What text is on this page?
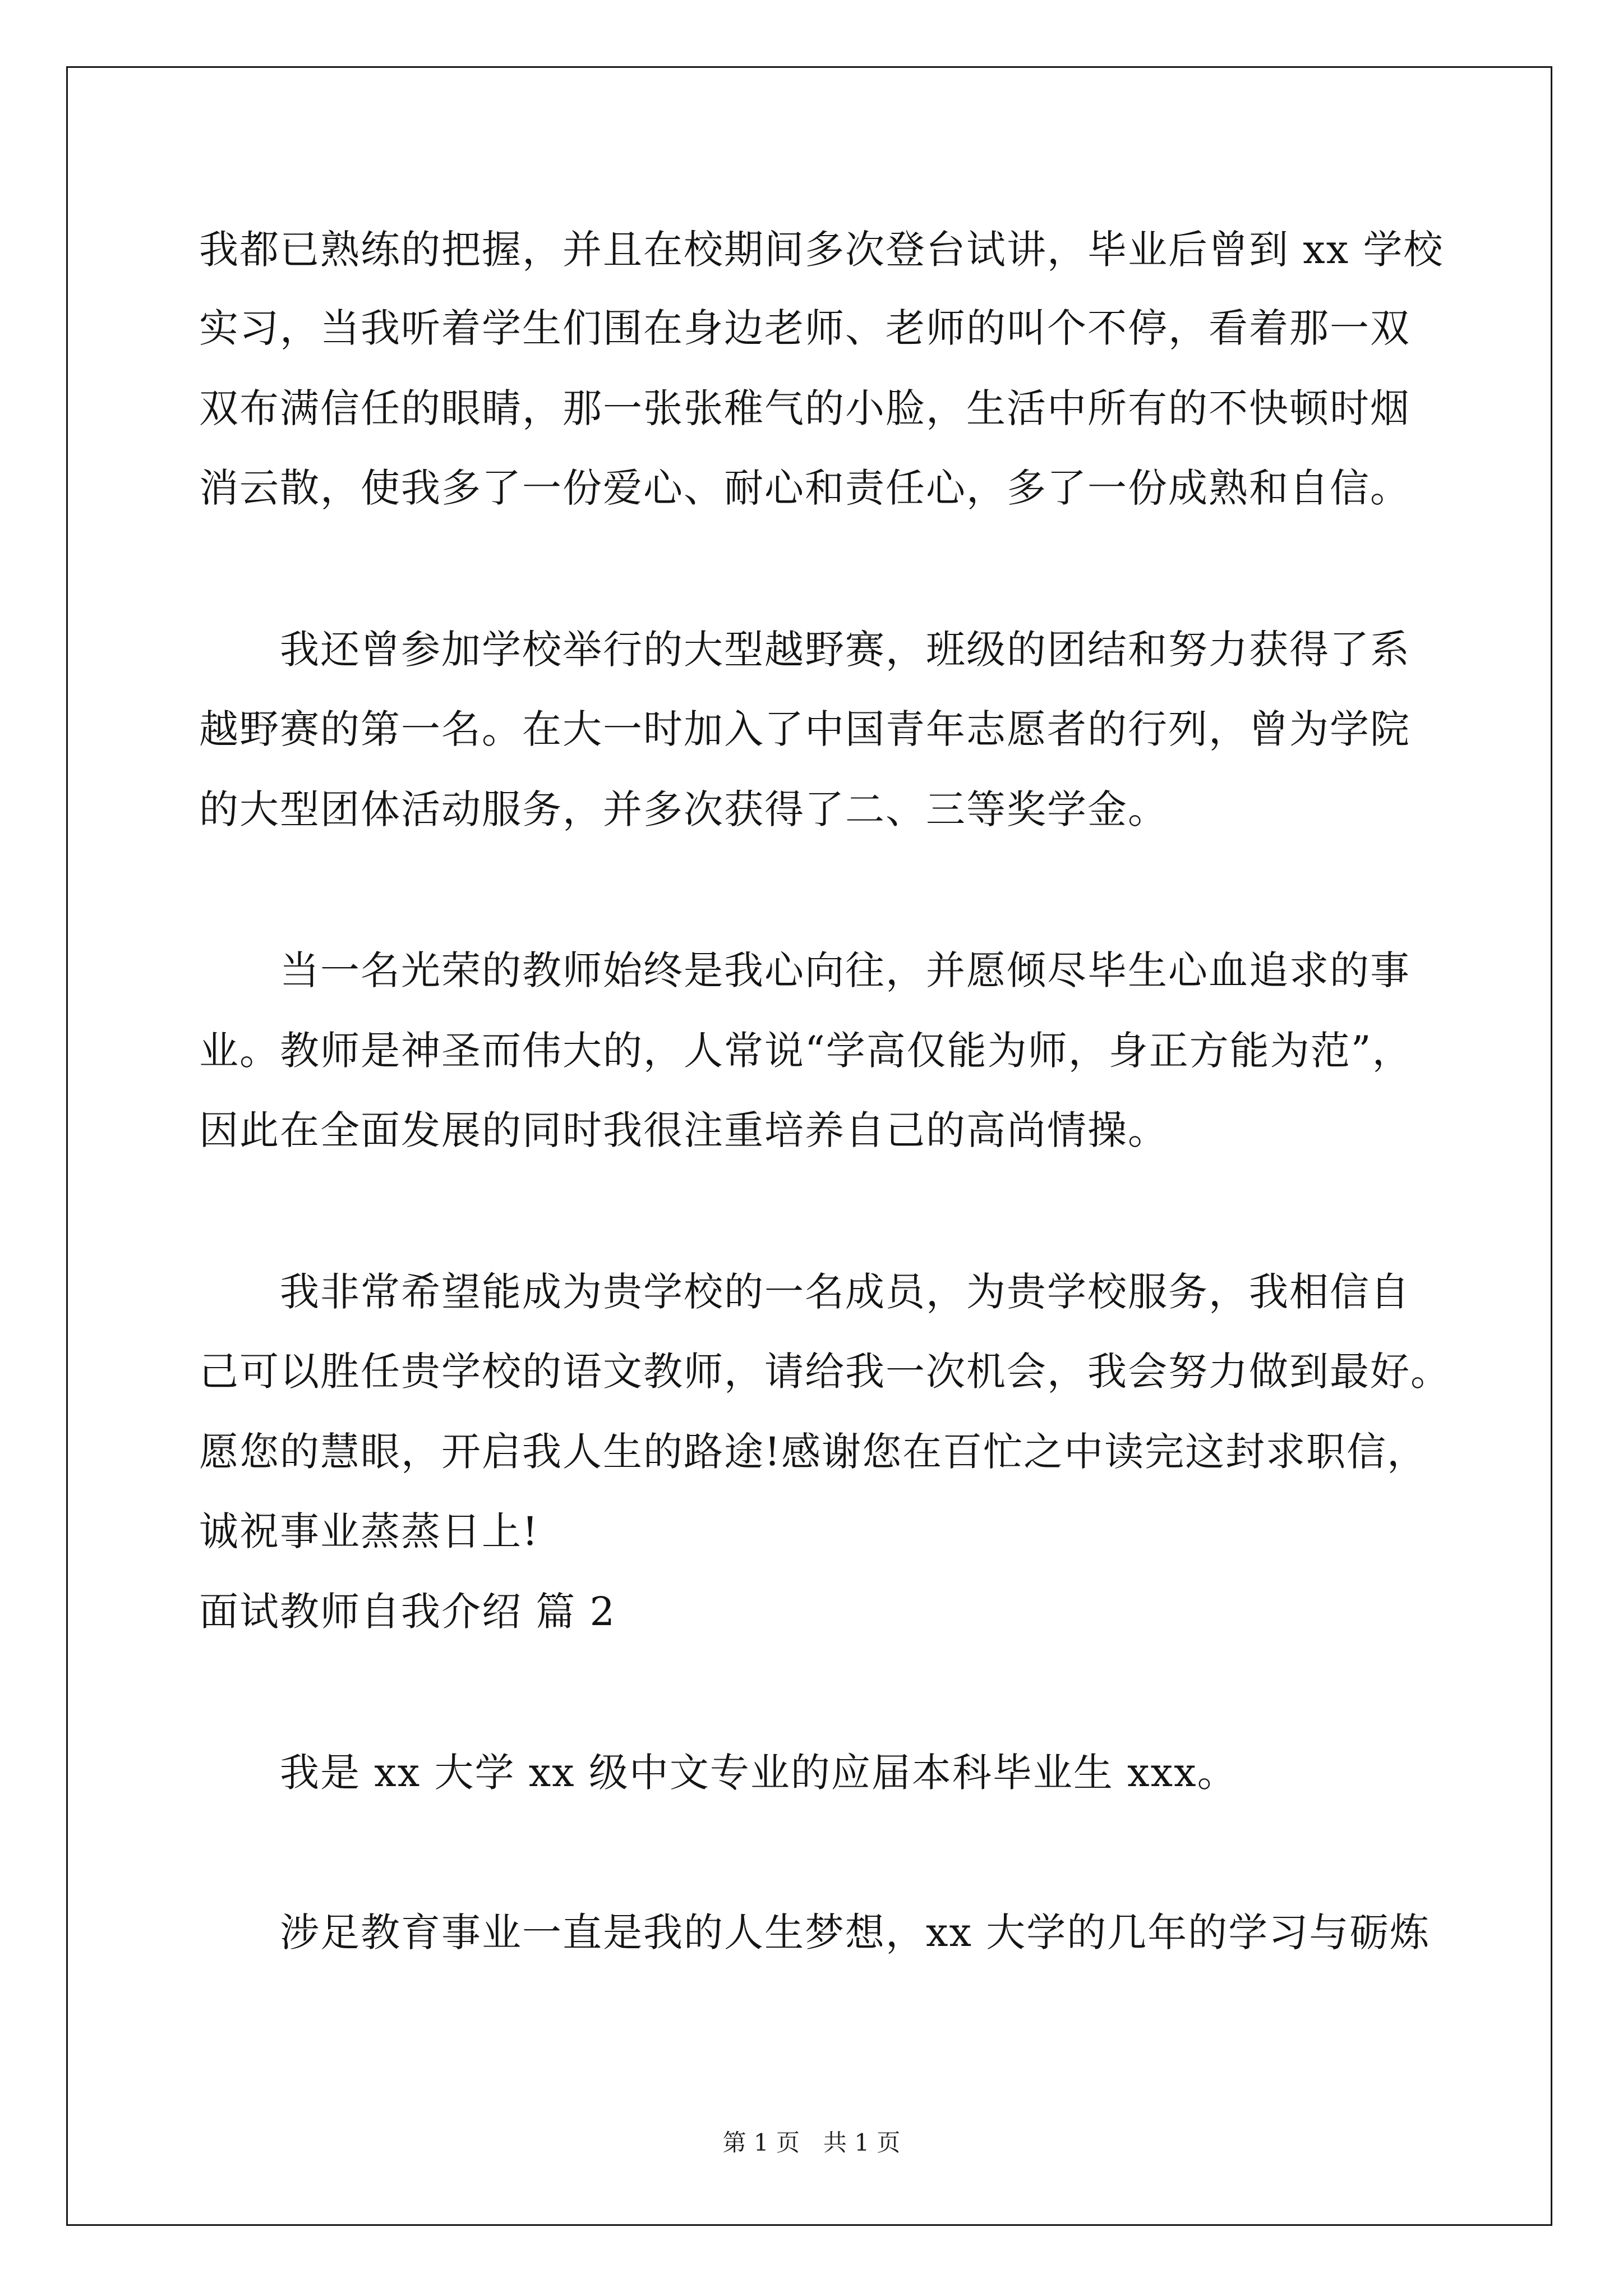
我都已熟练的把握，并且在校期间多次登台试讲，毕业后曾到 xx 学校
实习，当我听着学生们围在身边老师、老师的叫个不停，看着那一双
双布满信任的眼睛，那一张张稚气的小脸，生活中所有的不快顿时烟
消云散，使我多了一份爱心、耐心和责任心，多了一份成熟和自信。
　　我还曾参加学校举行的大型越野赛，班级的团结和努力获得了系
越野赛的第一名。在大一时加入了中国青年志愿者的行列，曾为学院
的大型团体活动服务，并多次获得了二、三等奖学金。
　　当一名光荣的教师始终是我心向往，并愿倾尽毕生心血追求的事
业。教师是神圣而伟大的，人常说“学高仅能为师，身正方能为范”，
因此在全面发展的同时我很注重培养自己的高尚情操。
　　我非常希望能成为贵学校的一名成员，为贵学校服务，我相信自
己可以胜任贵学校的语文教师，请给我一次机会，我会努力做到最好。
愿您的慧眼，开启我人生的路途!感谢您在百忙之中读完这封求职信，
诚祝事业蒸蒸日上!
面试教师自我介绍 篇 2
　　我是 xx 大学 xx 级中文专业的应届本科毕业生 xxx。
　　涉足教育事业一直是我的人生梦想，xx 大学的几年的学习与砺炼
第 1 页　共 1 页
